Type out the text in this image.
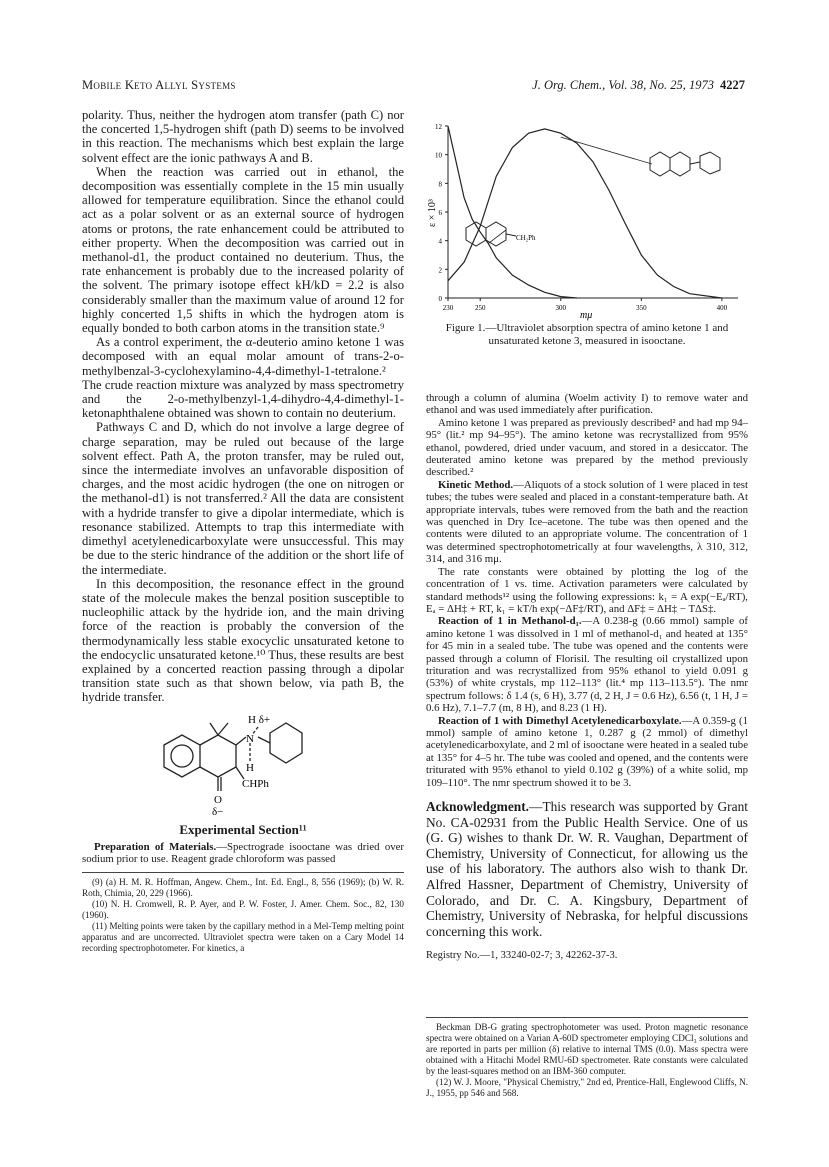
Mobile Keto Allyl Systems	J. Org. Chem., Vol. 38, No. 25, 1973 4227

polarity. Thus, neither the hydrogen atom transfer (path C) nor the concerted 1,5-hydrogen shift (path D) seems to be involved in this reaction. The mechanisms which best explain the large solvent effect are the ionic pathways A and B.

When the reaction was carried out in ethanol, the decomposition was essentially complete in the 15 min usually allowed for temperature equilibration. Since the ethanol could act as a polar solvent or as an external source of hydrogen atoms or protons, the rate enhancement could be attributed to either property. When the decomposition was carried out in methanol-d1, the product contained no deuterium. Thus, the rate enhancement is probably due to the increased polarity of the solvent. The primary isotope effect kH/kD = 2.2 is also considerably smaller than the maximum value of around 12 for highly concerted 1,5 shifts in which the hydrogen atom is equally bonded to both carbon atoms in the transition state.⁹

As a control experiment, the α-deuterio amino ketone 1 was decomposed with an equal molar amount of trans-2-o-methylbenzal-3-cyclohexylamino-4,4-dimethyl-1-tetralone.² The crude reaction mixture was analyzed by mass spectrometry and the 2-o-methylbenzyl-1,4-dihydro-4,4-dimethyl-1-ketonaphthalene obtained was shown to contain no deuterium.

Pathways C and D, which do not involve a large degree of charge separation, may be ruled out because of the large solvent effect. Path A, the proton transfer, may be ruled out, since the intermediate involves an unfavorable disposition of charges, and the most acidic hydrogen (the one on nitrogen or the methanol-d1) is not transferred.² All the data are consistent with a hydride transfer to give a dipolar intermediate, which is resonance stabilized. Attempts to trap this intermediate with dimethyl acetylenedicarboxylate were unsuccessful. This may be due to the steric hindrance of the addition or the short life of the intermediate.

In this decomposition, the resonance effect in the ground state of the molecule makes the benzal position susceptible to nucleophilic attack by the hydride ion, and the main driving force of the reaction is probably the conversion of the thermodynamically less stable exocyclic unsaturated ketone to the endocyclic unsaturated ketone.¹⁰ Thus, these results are best explained by a concerted reaction passing through a dipolar transition state such as that shown below, via path B, the hydride transfer.

H δ+
N
H
CHPh
O
δ−
Experimental Section¹¹

Preparation of Materials.—Spectrograde isooctane was dried over sodium prior to use. Reagent grade chloroform was passed

(9) (a) H. M. R. Hoffman, Angew. Chem., Int. Ed. Engl., 8, 556 (1969); (b) W. R. Roth, Chimia, 20, 229 (1966).

(10) N. H. Cromwell, R. P. Ayer, and P. W. Foster, J. Amer. Chem. Soc., 82, 130 (1960).

(11) Melting points were taken by the capillary method in a Mel-Temp melting point apparatus and are uncorrected. Ultraviolet spectra were taken on a Cary Model 14 recording spectrophotometer. For kinetics, a

12
10
8
6
4
2
0
230	250	300	350	400
ε × 10³
mμ
CH₂Ph
Figure 1.—Ultraviolet absorption spectra of amino ketone 1 and unsaturated ketone 3, measured in isooctane.

through a column of alumina (Woelm activity I) to remove water and ethanol and was used immediately after purification.

Amino ketone 1 was prepared as previously described² and had mp 94–95° (lit.² mp 94–95°). The amino ketone was recrystallized from 95% ethanol, powdered, dried under vacuum, and stored in a desiccator. The deuterated amino ketone was prepared by the method previously described.²

Kinetic Method.—Aliquots of a stock solution of 1 were placed in test tubes; the tubes were sealed and placed in a constant-temperature bath. At appropriate intervals, tubes were removed from the bath and the reaction was quenched in Dry Ice–acetone. The tube was then opened and the contents were diluted to an appropriate volume. The concentration of 1 was determined spectrophotometrically at four wavelengths, λ 310, 312, 314, and 316 mμ.

The rate constants were obtained by plotting the log of the concentration of 1 vs. time. Activation parameters were calculated by standard methods¹² using the following expressions: k₁ = A exp(−Eₐ/RT), Eₐ = ΔH‡ + RT, k₁ = kT/h exp(−ΔF‡/RT), and ΔF‡ = ΔH‡ − TΔS‡.

Reaction of 1 in Methanol-d₁.—A 0.238-g (0.66 mmol) sample of amino ketone 1 was dissolved in 1 ml of methanol-d₁ and heated at 135° for 45 min in a sealed tube. The tube was opened and the contents were passed through a column of Florisil. The resulting oil crystallized upon trituration and was recrystallized from 95% ethanol to yield 0.091 g (53%) of white crystals, mp 112–113° (lit.⁴ mp 113–113.5°). The nmr spectrum follows: δ 1.4 (s, 6 H), 3.77 (d, 2 H, J = 0.6 Hz), 6.56 (t, 1 H, J = 0.6 Hz), 7.1–7.7 (m, 8 H), and 8.23 (1 H).

Reaction of 1 with Dimethyl Acetylenedicarboxylate.—A 0.359-g (1 mmol) sample of amino ketone 1, 0.287 g (2 mmol) of dimethyl acetylenedicarboxylate, and 2 ml of isooctane were heated in a sealed tube at 135° for 4–5 hr. The tube was cooled and opened, and the contents were triturated with 95% ethanol to yield 0.102 g (39%) of a white solid, mp 109–110°. The nmr spectrum showed it to be 3.

Acknowledgment.—This research was supported by Grant No. CA-02931 from the Public Health Service. One of us (G. G) wishes to thank Dr. W. R. Vaughan, Department of Chemistry, University of Connecticut, for allowing us the use of his laboratory. The authors also wish to thank Dr. Alfred Hassner, Department of Chemistry, University of Colorado, and Dr. C. A. Kingsbury, Department of Chemistry, University of Nebraska, for helpful discussions concerning this work.
Registry No.—1, 33240-02-7; 3, 42262-37-3.

Beckman DB-G grating spectrophotometer was used. Proton magnetic resonance spectra were obtained on a Varian A-60D spectrometer employing CDCl₃ solutions and are reported in parts per million (δ) relative to internal TMS (0.0). Mass spectra were obtained with a Hitachi Model RMU-6D spectrometer. Rate constants were calculated by the least-squares method on an IBM-360 computer.

(12) W. J. Moore, "Physical Chemistry," 2nd ed, Prentice-Hall, Englewood Cliffs, N. J., 1955, pp 546 and 568.
